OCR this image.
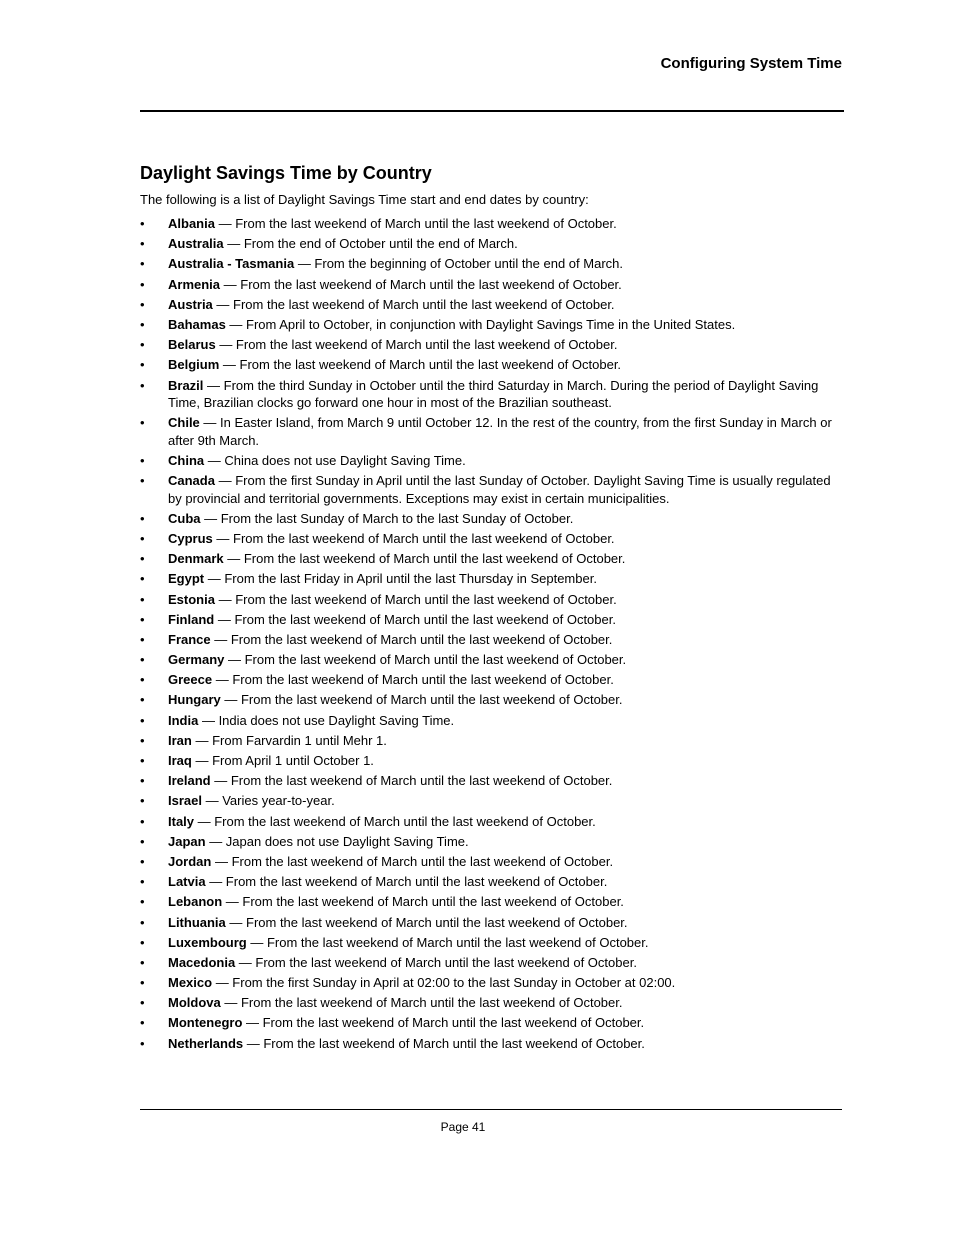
Configuring System Time

Daylight Savings Time by Country

The following is a list of Daylight Savings Time start and end dates by country:

• Albania — From the last weekend of March until the last weekend of October.
• Australia — From the end of October until the end of March.
• Australia - Tasmania — From the beginning of October until the end of March.
• Armenia — From the last weekend of March until the last weekend of October.
• Austria — From the last weekend of March until the last weekend of October.
• Bahamas — From April to October, in conjunction with Daylight Savings Time in the United States.
• Belarus — From the last weekend of March until the last weekend of October.
• Belgium — From the last weekend of March until the last weekend of October.
• Brazil — From the third Sunday in October until the third Saturday in March. During the period of Daylight Saving Time, Brazilian clocks go forward one hour in most of the Brazilian southeast.
• Chile — In Easter Island, from March 9 until October 12. In the rest of the country, from the first Sunday in March or after 9th March.
• China — China does not use Daylight Saving Time.
• Canada — From the first Sunday in April until the last Sunday of October. Daylight Saving Time is usually regulated by provincial and territorial governments. Exceptions may exist in certain municipalities.
• Cuba — From the last Sunday of March to the last Sunday of October.
• Cyprus — From the last weekend of March until the last weekend of October.
• Denmark — From the last weekend of March until the last weekend of October.
• Egypt — From the last Friday in April until the last Thursday in September.
• Estonia — From the last weekend of March until the last weekend of October.
• Finland — From the last weekend of March until the last weekend of October.
• France — From the last weekend of March until the last weekend of October.
• Germany — From the last weekend of March until the last weekend of October.
• Greece — From the last weekend of March until the last weekend of October.
• Hungary — From the last weekend of March until the last weekend of October.
• India — India does not use Daylight Saving Time.
• Iran — From Farvardin 1 until Mehr 1.
• Iraq — From April 1 until October 1.
• Ireland — From the last weekend of March until the last weekend of October.
• Israel — Varies year-to-year.
• Italy — From the last weekend of March until the last weekend of October.
• Japan — Japan does not use Daylight Saving Time.
• Jordan — From the last weekend of March until the last weekend of October.
• Latvia — From the last weekend of March until the last weekend of October.
• Lebanon — From the last weekend of March until the last weekend of October.
• Lithuania — From the last weekend of March until the last weekend of October.
• Luxembourg — From the last weekend of March until the last weekend of October.
• Macedonia — From the last weekend of March until the last weekend of October.
• Mexico — From the first Sunday in April at 02:00 to the last Sunday in October at 02:00.
• Moldova — From the last weekend of March until the last weekend of October.
• Montenegro — From the last weekend of March until the last weekend of October.
• Netherlands — From the last weekend of March until the last weekend of October.

Page 41
